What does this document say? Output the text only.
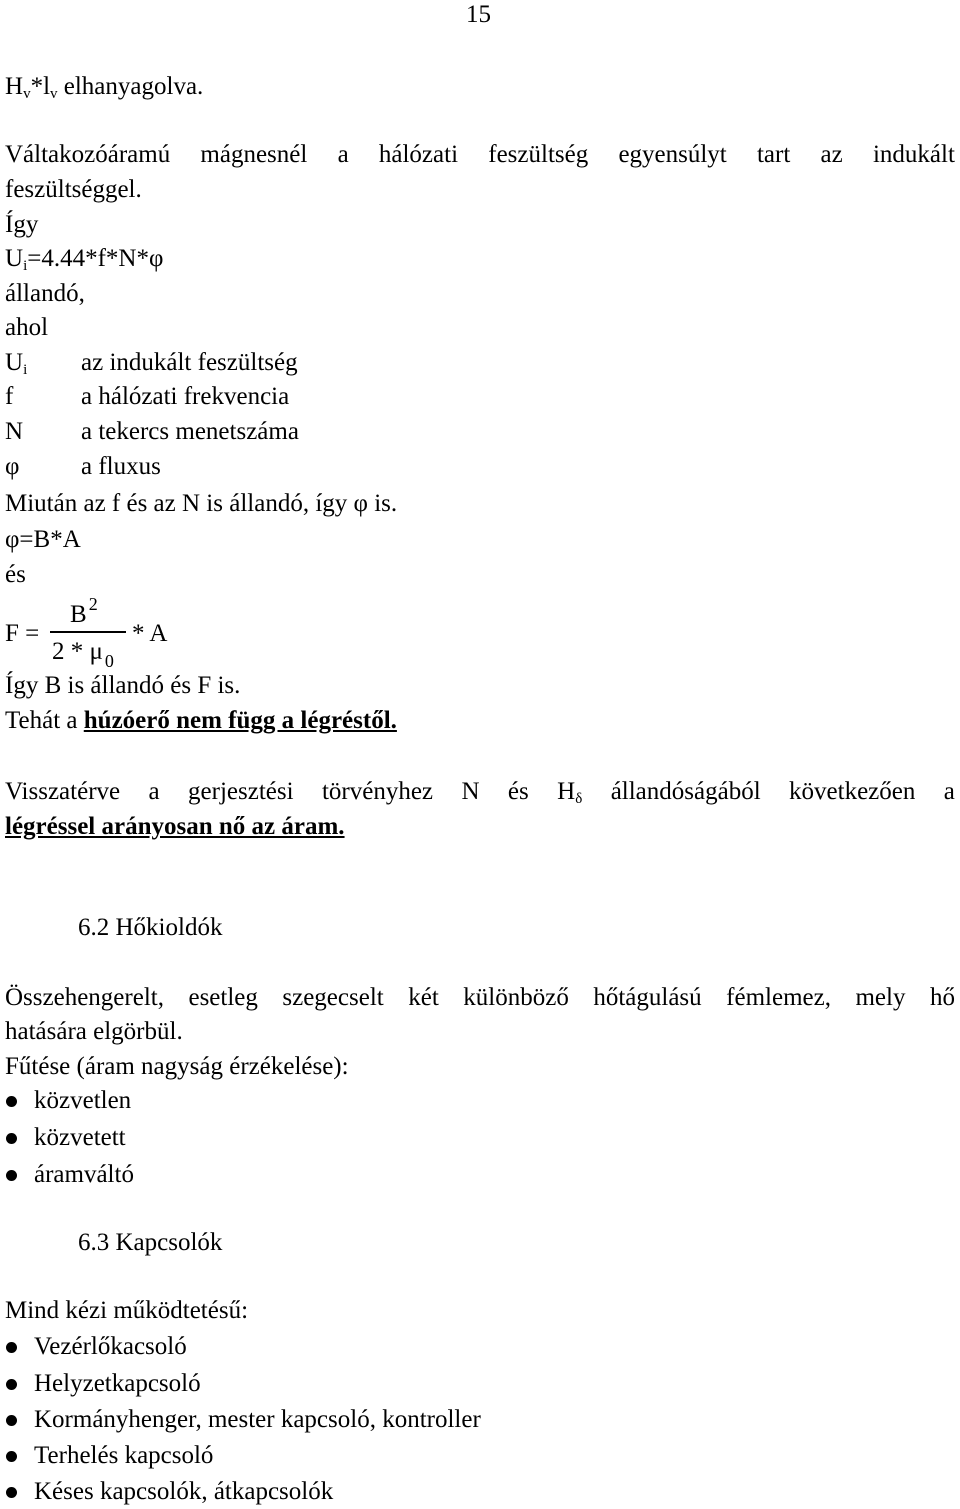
15
$H_v*l_v$ elhanyagolva.
Váltakozóáramú mágnesnél a hálózati feszültség egyensúlyt tart az indukált
feszültséggel.
Így
$U_i=4.44*f*N*\varphi$
állandó,
ahol
$U_i$ az indukált feszültség
f	a hálózati frekvencia
N a tekercs menetszáma
φ a fluxus
Miután az f és az N is állandó, így φ is.
φ=B*A
és
F =
B $^2$
2 * μ $_0$
* A
Így B is állandó és F is.
Tehát a húzóerő nem függ a légréstől.
Visszatérve a gerjesztési törvényhez N és $H_\delta$ állandóságából következően a
légréssel arányosan nő az áram.
6.2 Hőkioldók
Összehengerelt, esetleg szegecselt két különböző hőtágulású fémlemez, mely hő
hatására elgörbül.
Fűtése (áram nagyság érzékelése):
közvetlen
közvetett
áramváltó
6.3 Kapcsolók
Mind kézi működtetésű:
Vezérlőkacsoló
Helyzetkapcsoló
Kormányhenger, mester kapcsoló, kontroller
Terhelés kapcsoló
Késes kapcsolók, átkapcsolók
